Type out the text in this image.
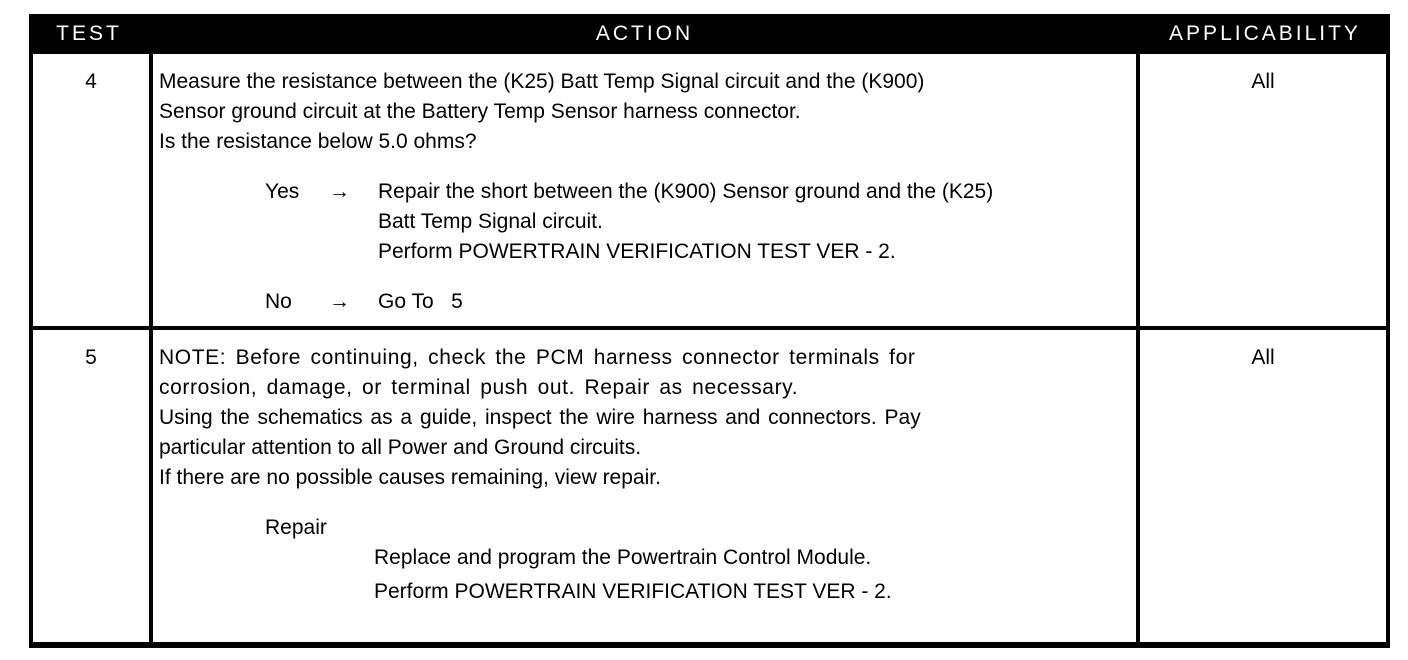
TEST	ACTION	APPLICABILITY
4	Measure the resistance between the (K25) Batt Temp Signal circuit and the (K900)
Sensor ground circuit at the Battery Temp Sensor harness connector.
Is the resistance below 5.0 ohms?
Yes → Repair the short between the (K900) Sensor ground and the (K25)
Batt Temp Signal circuit.
Perform POWERTRAIN VERIFICATION TEST VER - 2.
No → Go To   5
All
5	NOTE: Before continuing, check the PCM harness connector terminals for
corrosion, damage, or terminal push out. Repair as necessary.
Using the schematics as a guide, inspect the wire harness and connectors. Pay
particular attention to all Power and Ground circuits.
If there are no possible causes remaining, view repair.
Repair
Replace and program the Powertrain Control Module.
Perform POWERTRAIN VERIFICATION TEST VER - 2.
All
